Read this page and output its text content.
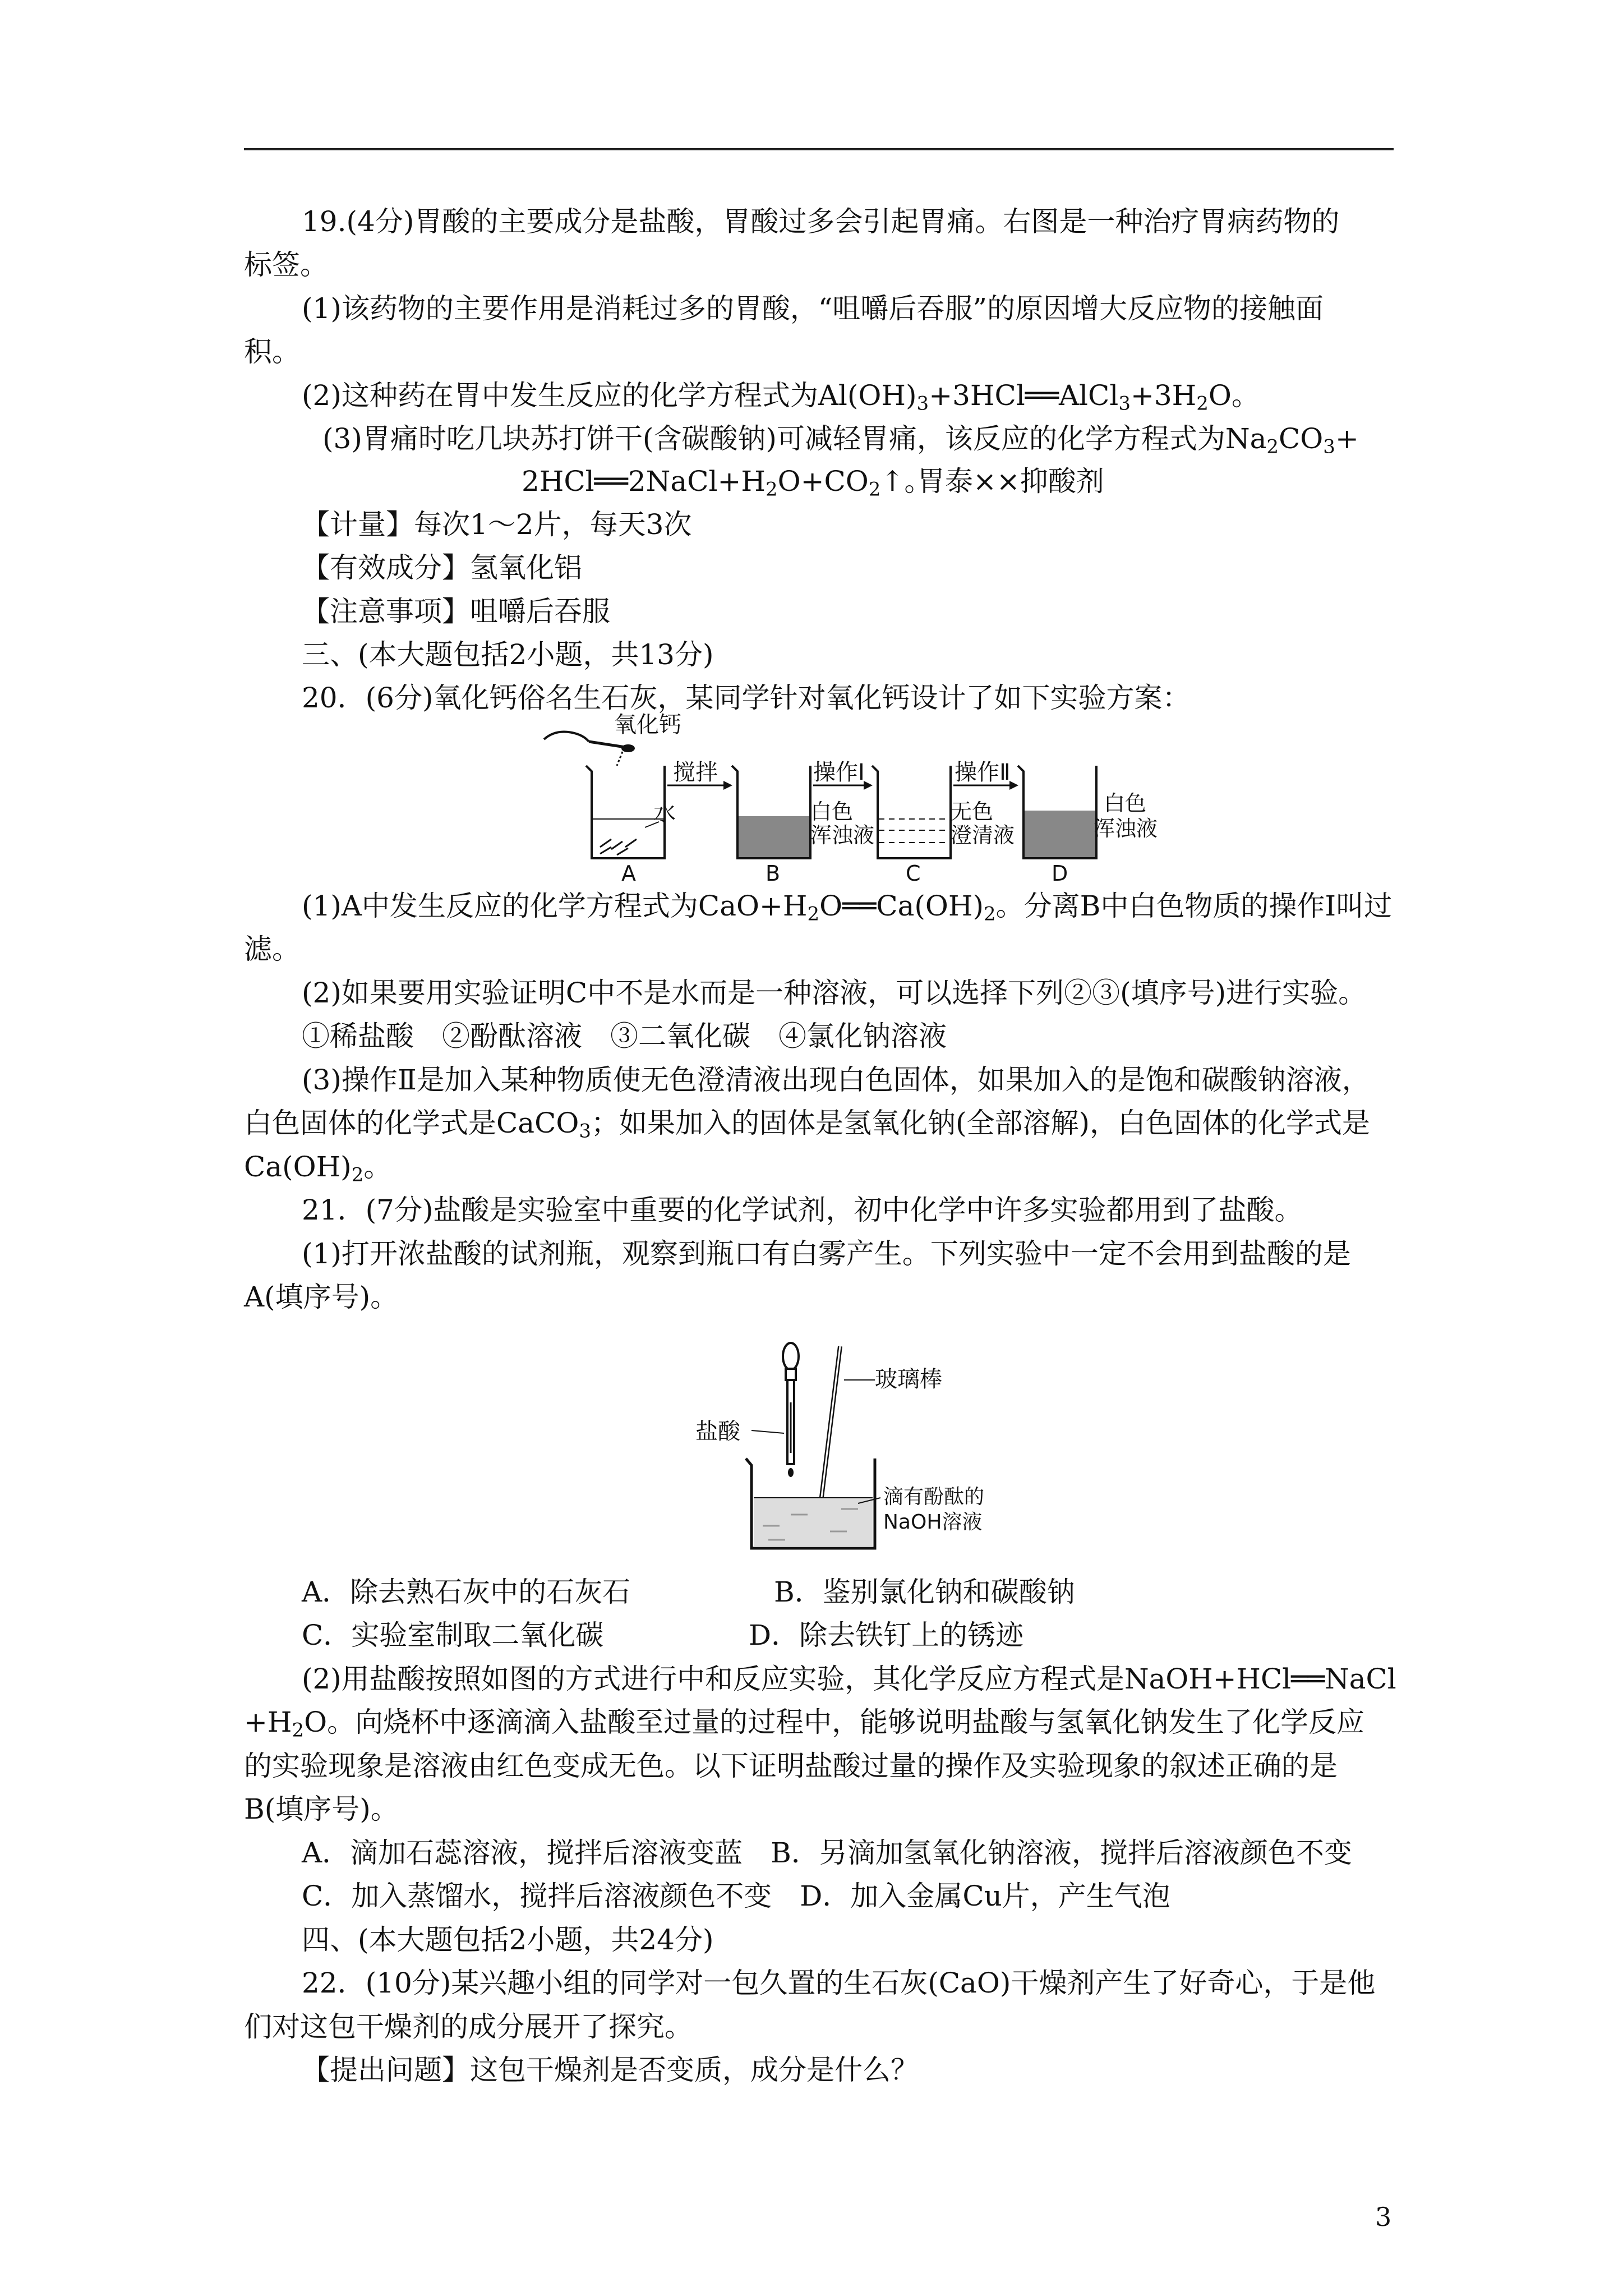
19.(4分)胃酸的主要成分是盐酸，胃酸过多会引起胃痛。右图是一种治疗胃病药物的
标签。
(1)该药物的主要作用是消耗过多的胃酸，“咀嚼后吞服”的原因增大反应物的接触面
积。
(2)这种药在胃中发生反应的化学方程式为$Al(OH)_3+3HCl══AlCl_3+3H_2O$。
(3)胃痛时吃几块苏打饼干(含碳酸钠)可减轻胃痛，该反应的化学方程式为$Na_2CO_3+$
$2HCl══2NaCl+H_2O+CO_2↑$。
胃泰××抑酸剂
【计量】每次1～2片，每天3次
【有效成分】氢氧化铝
【注意事项】咀嚼后吞服
三、(本大题包括2小题，共13分)
20．(6分)氧化钙俗名生石灰，某同学针对氧化钙设计了如下实验方案：
氧化钙
水
A
搅拌
B
白色
浑浊液
操作Ⅰ
C
无色
澄清液
操作Ⅱ
D
白色
浑浊液
(1)A中发生反应的化学方程式为$CaO+H_2O══Ca(OH)_2$。分离B中白色物质的操作Ⅰ叫过
滤。
(2)如果要用实验证明C中不是水而是一种溶液，可以选择下列②③(填序号)进行实验。
①稀盐酸　②酚酞溶液　③二氧化碳　④氯化钠溶液
(3)操作Ⅱ是加入某种物质使无色澄清液出现白色固体，如果加入的是饱和碳酸钠溶液，
白色固体的化学式是CaCO$_3$；如果加入的固体是氢氧化钠(全部溶解)，白色固体的化学式是
$Ca(OH)_2$。
21．(7分)盐酸是实验室中重要的化学试剂，初中化学中许多实验都用到了盐酸。
(1)打开浓盐酸的试剂瓶，观察到瓶口有白雾产生。下列实验中一定不会用到盐酸的是
A(填序号)。
玻璃棒
盐酸
滴有酚酞的
NaOH溶液
A．除去熟石灰中的石灰石	B．鉴别氯化钠和碳酸钠
C．实验室制取二氧化碳	D．除去铁钉上的锈迹
(2)用盐酸按照如图的方式进行中和反应实验，其化学反应方程式是NaOH+HCl══NaCl
$+H_2O$。向烧杯中逐滴滴入盐酸至过量的过程中，能够说明盐酸与氢氧化钠发生了化学反应
的实验现象是溶液由红色变成无色。以下证明盐酸过量的操作及实验现象的叙述正确的是
B(填序号)。
A．滴加石蕊溶液，搅拌后溶液变蓝　B．另滴加氢氧化钠溶液，搅拌后溶液颜色不变
C．加入蒸馏水，搅拌后溶液颜色不变　D．加入金属Cu片，产生气泡
四、(本大题包括2小题，共24分)
22．(10分)某兴趣小组的同学对一包久置的生石灰(CaO)干燥剂产生了好奇心，于是他
们对这包干燥剂的成分展开了探究。
【提出问题】这包干燥剂是否变质，成分是什么？
3
